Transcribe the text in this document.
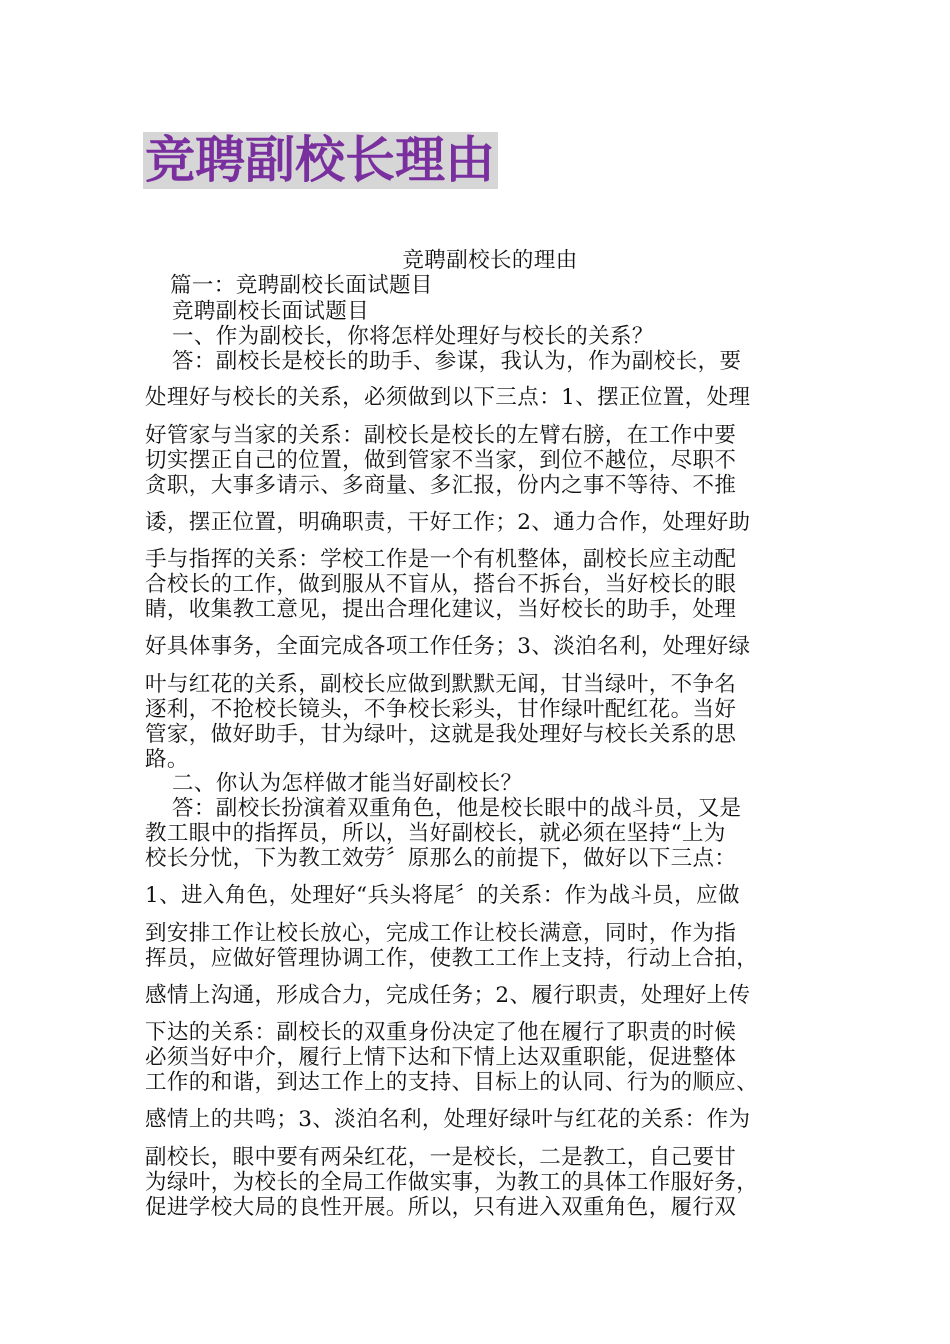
竞聘副校长理由
竞聘副校长的理由
篇一：竞聘副校长面试题目
竞聘副校长面试题目
一、作为副校长，你将怎样处理好与校长的关系？
答：副校长是校长的助手、参谋，我认为，作为副校长，要
处理好与校长的关系，必须做到以下三点：1、摆正位置，处理
好管家与当家的关系：副校长是校长的左臂右膀，在工作中要
切实摆正自己的位置，做到管家不当家，到位不越位，尽职不
贪职，大事多请示、多商量、多汇报，份内之事不等待、不推
诿，摆正位置，明确职责，干好工作；2、通力合作，处理好助
手与指挥的关系：学校工作是一个有机整体，副校长应主动配
合校长的工作，做到服从不盲从，搭台不拆台，当好校长的眼
睛，收集教工意见，提出合理化建议，当好校长的助手，处理
好具体事务，全面完成各项工作任务；3、淡泊名利，处理好绿
叶与红花的关系，副校长应做到默默无闻，甘当绿叶，不争名
逐利，不抢校长镜头，不争校长彩头，甘作绿叶配红花。当好
管家，做好助手，甘为绿叶，这就是我处理好与校长关系的思
路。
二、你认为怎样做才能当好副校长？
答：副校长扮演着双重角色，他是校长眼中的战斗员，又是
教工眼中的指挥员，所以，当好副校长，就必须在坚持“上为
校长分忧，下为教工效劳〞原那么的前提下，做好以下三点：
1、进入角色，处理好“兵头将尾〞的关系：作为战斗员，应做
到安排工作让校长放心，完成工作让校长满意，同时，作为指
挥员，应做好管理协调工作，使教工工作上支持，行动上合拍，
感情上沟通，形成合力，完成任务；2、履行职责，处理好上传
下达的关系：副校长的双重身份决定了他在履行了职责的时候
必须当好中介，履行上情下达和下情上达双重职能，促进整体
工作的和谐，到达工作上的支持、目标上的认同、行为的顺应、
感情上的共鸣；3、淡泊名利，处理好绿叶与红花的关系：作为
副校长，眼中要有两朵红花，一是校长，二是教工，自己要甘
为绿叶，为校长的全局工作做实事，为教工的具体工作服好务，
促进学校大局的良性开展。所以，只有进入双重角色，履行双
